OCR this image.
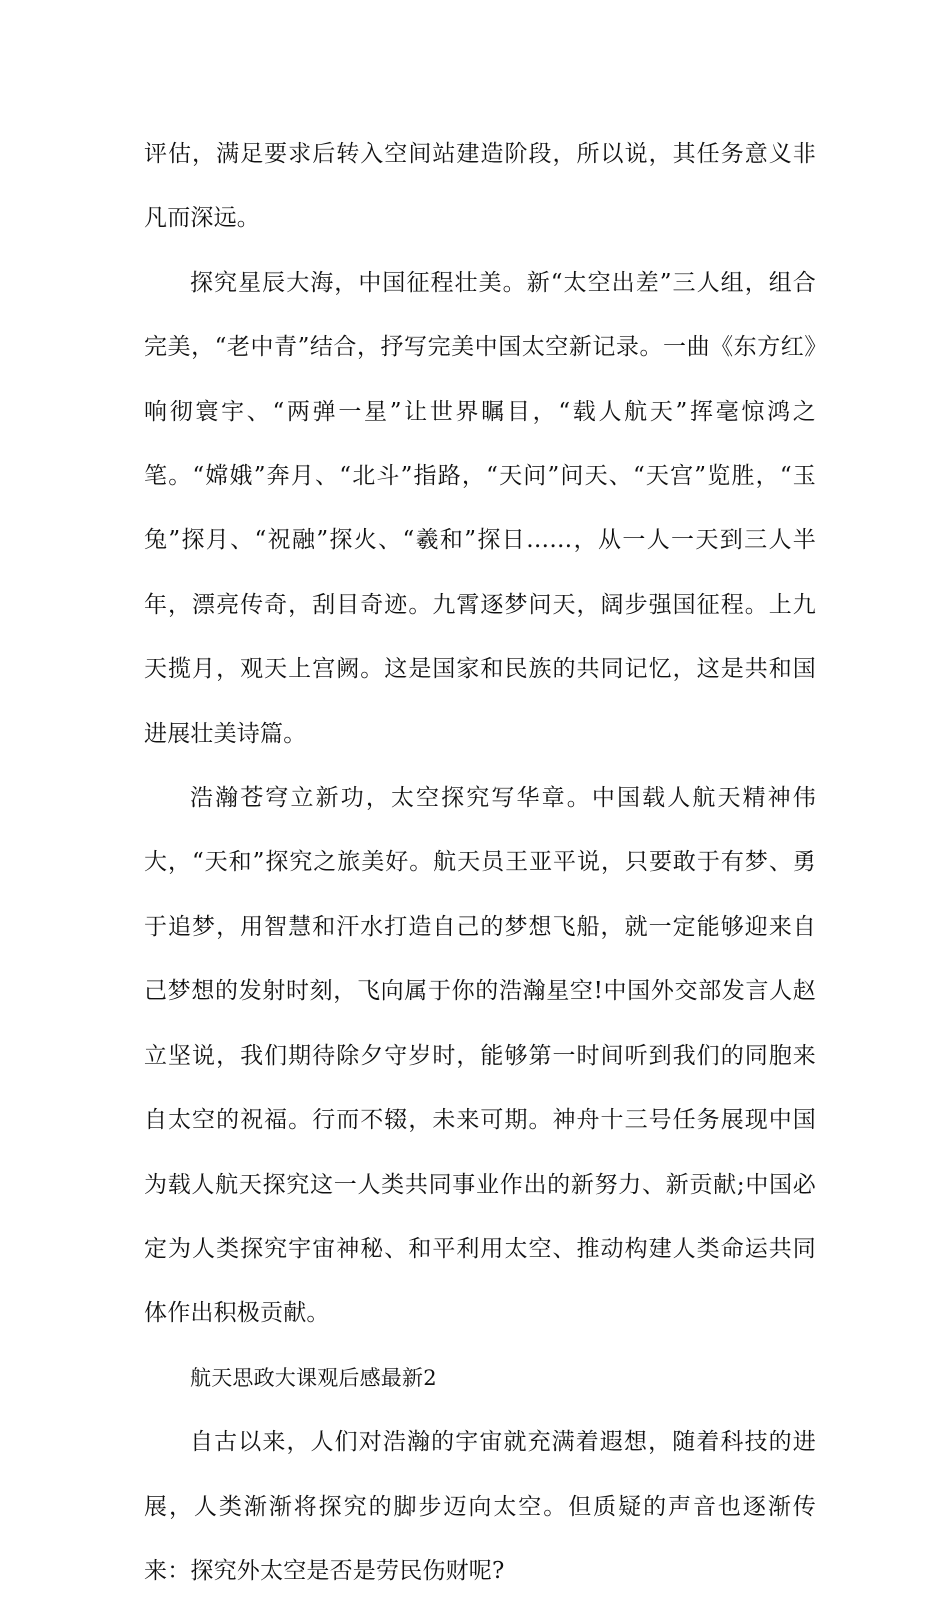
评估，满足要求后转入空间站建造阶段，所以说，其任务意义非凡而深远。

探究星辰大海，中国征程壮美。新“太空出差”三人组，组合完美，“老中青”结合，抒写完美中国太空新记录。一曲《东方红》响彻寰宇、“两弹一星”让世界瞩目，“载人航天”挥毫惊鸿之笔。“嫦娥”奔月、“北斗”指路，“天问”问天、“天宫”览胜，“玉兔”探月、“祝融”探火、“羲和”探日……，从一人一天到三人半年，漂亮传奇，刮目奇迹。九霄逐梦问天，阔步强国征程。上九天揽月，观天上宫阙。这是国家和民族的共同记忆，这是共和国进展壮美诗篇。

浩瀚苍穹立新功，太空探究写华章。中国载人航天精神伟大，“天和”探究之旅美好。航天员王亚平说，只要敢于有梦、勇于追梦，用智慧和汗水打造自己的梦想飞船，就一定能够迎来自己梦想的发射时刻，飞向属于你的浩瀚星空!中国外交部发言人赵立坚说，我们期待除夕守岁时，能够第一时间听到我们的同胞来自太空的祝福。行而不辍，未来可期。神舟十三号任务展现中国为载人航天探究这一人类共同事业作出的新努力、新贡献;中国必定为人类探究宇宙神秘、和平利用太空、推动构建人类命运共同体作出积极贡献。

航天思政大课观后感最新2

自古以来，人们对浩瀚的宇宙就充满着遐想，随着科技的进展，人类渐渐将探究的脚步迈向太空。但质疑的声音也逐渐传来：探究外太空是否是劳民伤财呢?
